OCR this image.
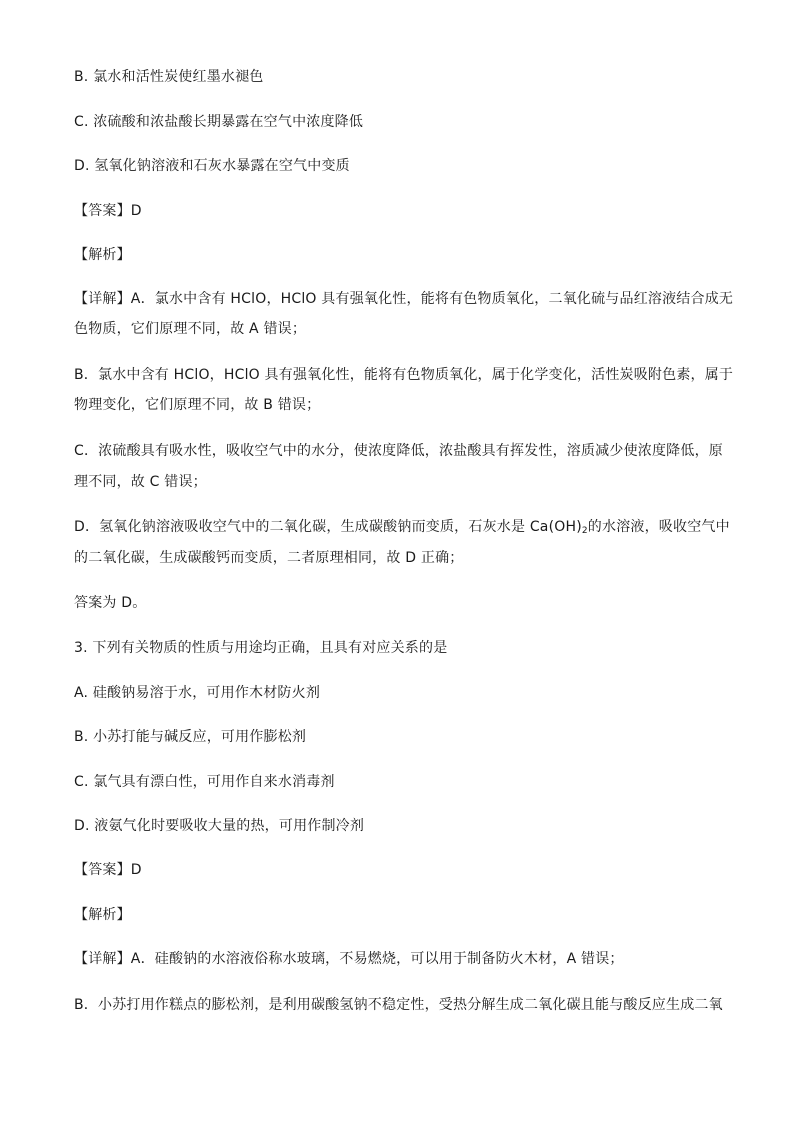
B. 氯水和活性炭使红墨水褪色
C. 浓硫酸和浓盐酸长期暴露在空气中浓度降低
D. 氢氧化钠溶液和石灰水暴露在空气中变质
【答案】D
【解析】
【详解】A．氯水中含有 HClO，HClO 具有强氧化性，能将有色物质氧化，二氧化硫与品红溶液结合成无
色物质，它们原理不同，故 A 错误；
B．氯水中含有 HClO，HClO 具有强氧化性，能将有色物质氧化，属于化学变化，活性炭吸附色素，属于
物理变化，它们原理不同，故 B 错误；
C．浓硫酸具有吸水性，吸收空气中的水分，使浓度降低，浓盐酸具有挥发性，溶质减少使浓度降低，原
理不同，故 C 错误；
D．氢氧化钠溶液吸收空气中的二氧化碳，生成碳酸钠而变质，石灰水是 $Ca(OH)_2$的水溶液，吸收空气中
的二氧化碳，生成碳酸钙而变质，二者原理相同，故 D 正确；
答案为 D。
3. 下列有关物质的性质与用途均正确，且具有对应关系的是
A. 硅酸钠易溶于水，可用作木材防火剂
B. 小苏打能与碱反应，可用作膨松剂
C. 氯气具有漂白性，可用作自来水消毒剂
D. 液氨气化时要吸收大量的热，可用作制冷剂
【答案】D
【解析】
【详解】A．硅酸钠的水溶液俗称水玻璃，不易燃烧，可以用于制备防火木材，A 错误；
B．小苏打用作糕点的膨松剂，是利用碳酸氢钠不稳定性，受热分解生成二氧化碳且能与酸反应生成二氧
